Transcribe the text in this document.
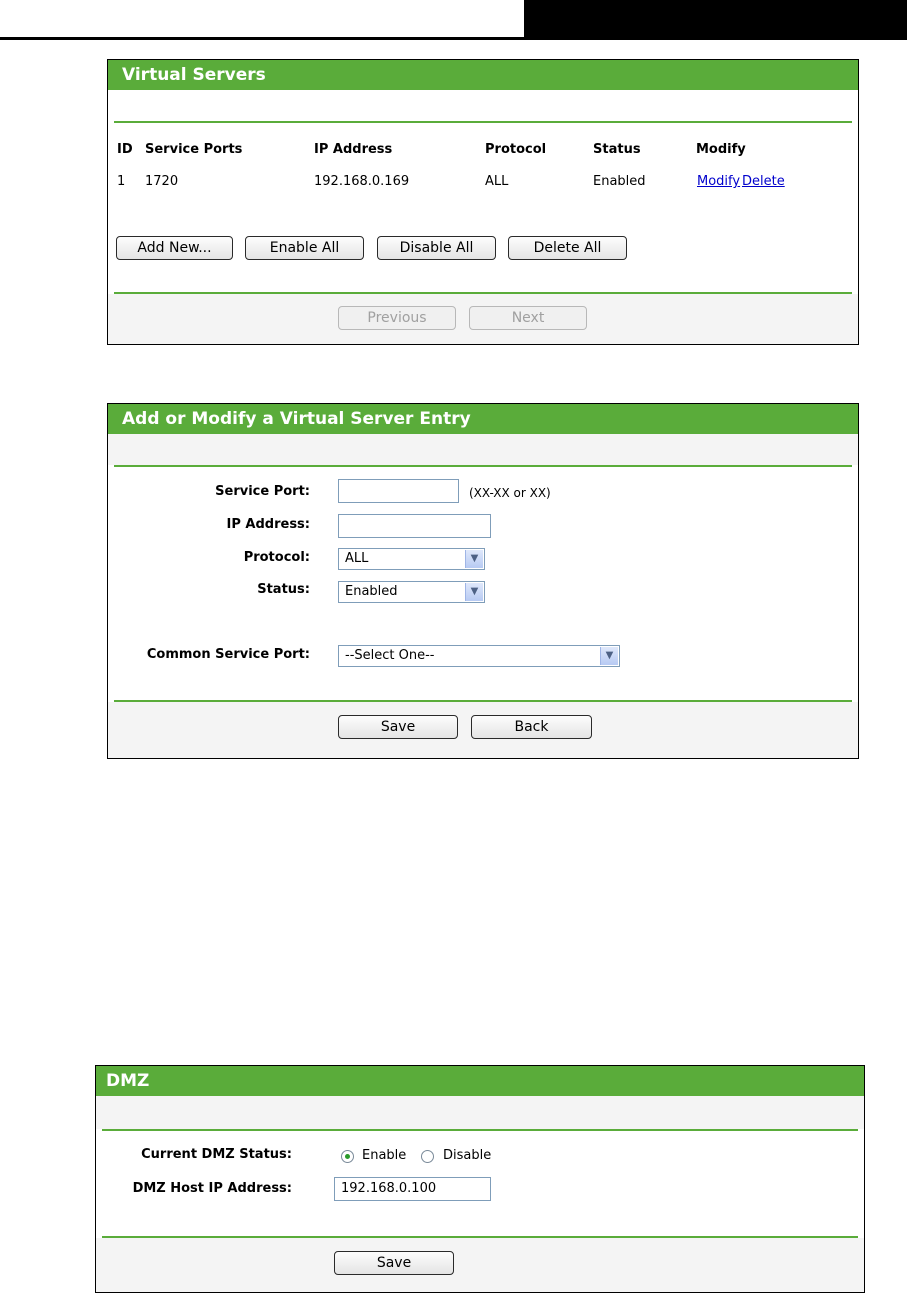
Virtual Servers
ID Service Ports	IP Address	Protocol	Status	Modify
1 1720	192.168.0.169	ALL	Enabled	Modify Delete
Add New...	Enable All	Disable All	Delete All
Previous	Next
Add or Modify a Virtual Server Entry
Service Port:	(XX-XX or XX)
IP Address:
Protocol:	ALL	▼
Status:	Enabled	▼
Common Service Port:	--Select One--	▼
Save	Back
DMZ
Current DMZ Status:	Enable	Disable
DMZ Host IP Address:	192.168.0.100
Save
